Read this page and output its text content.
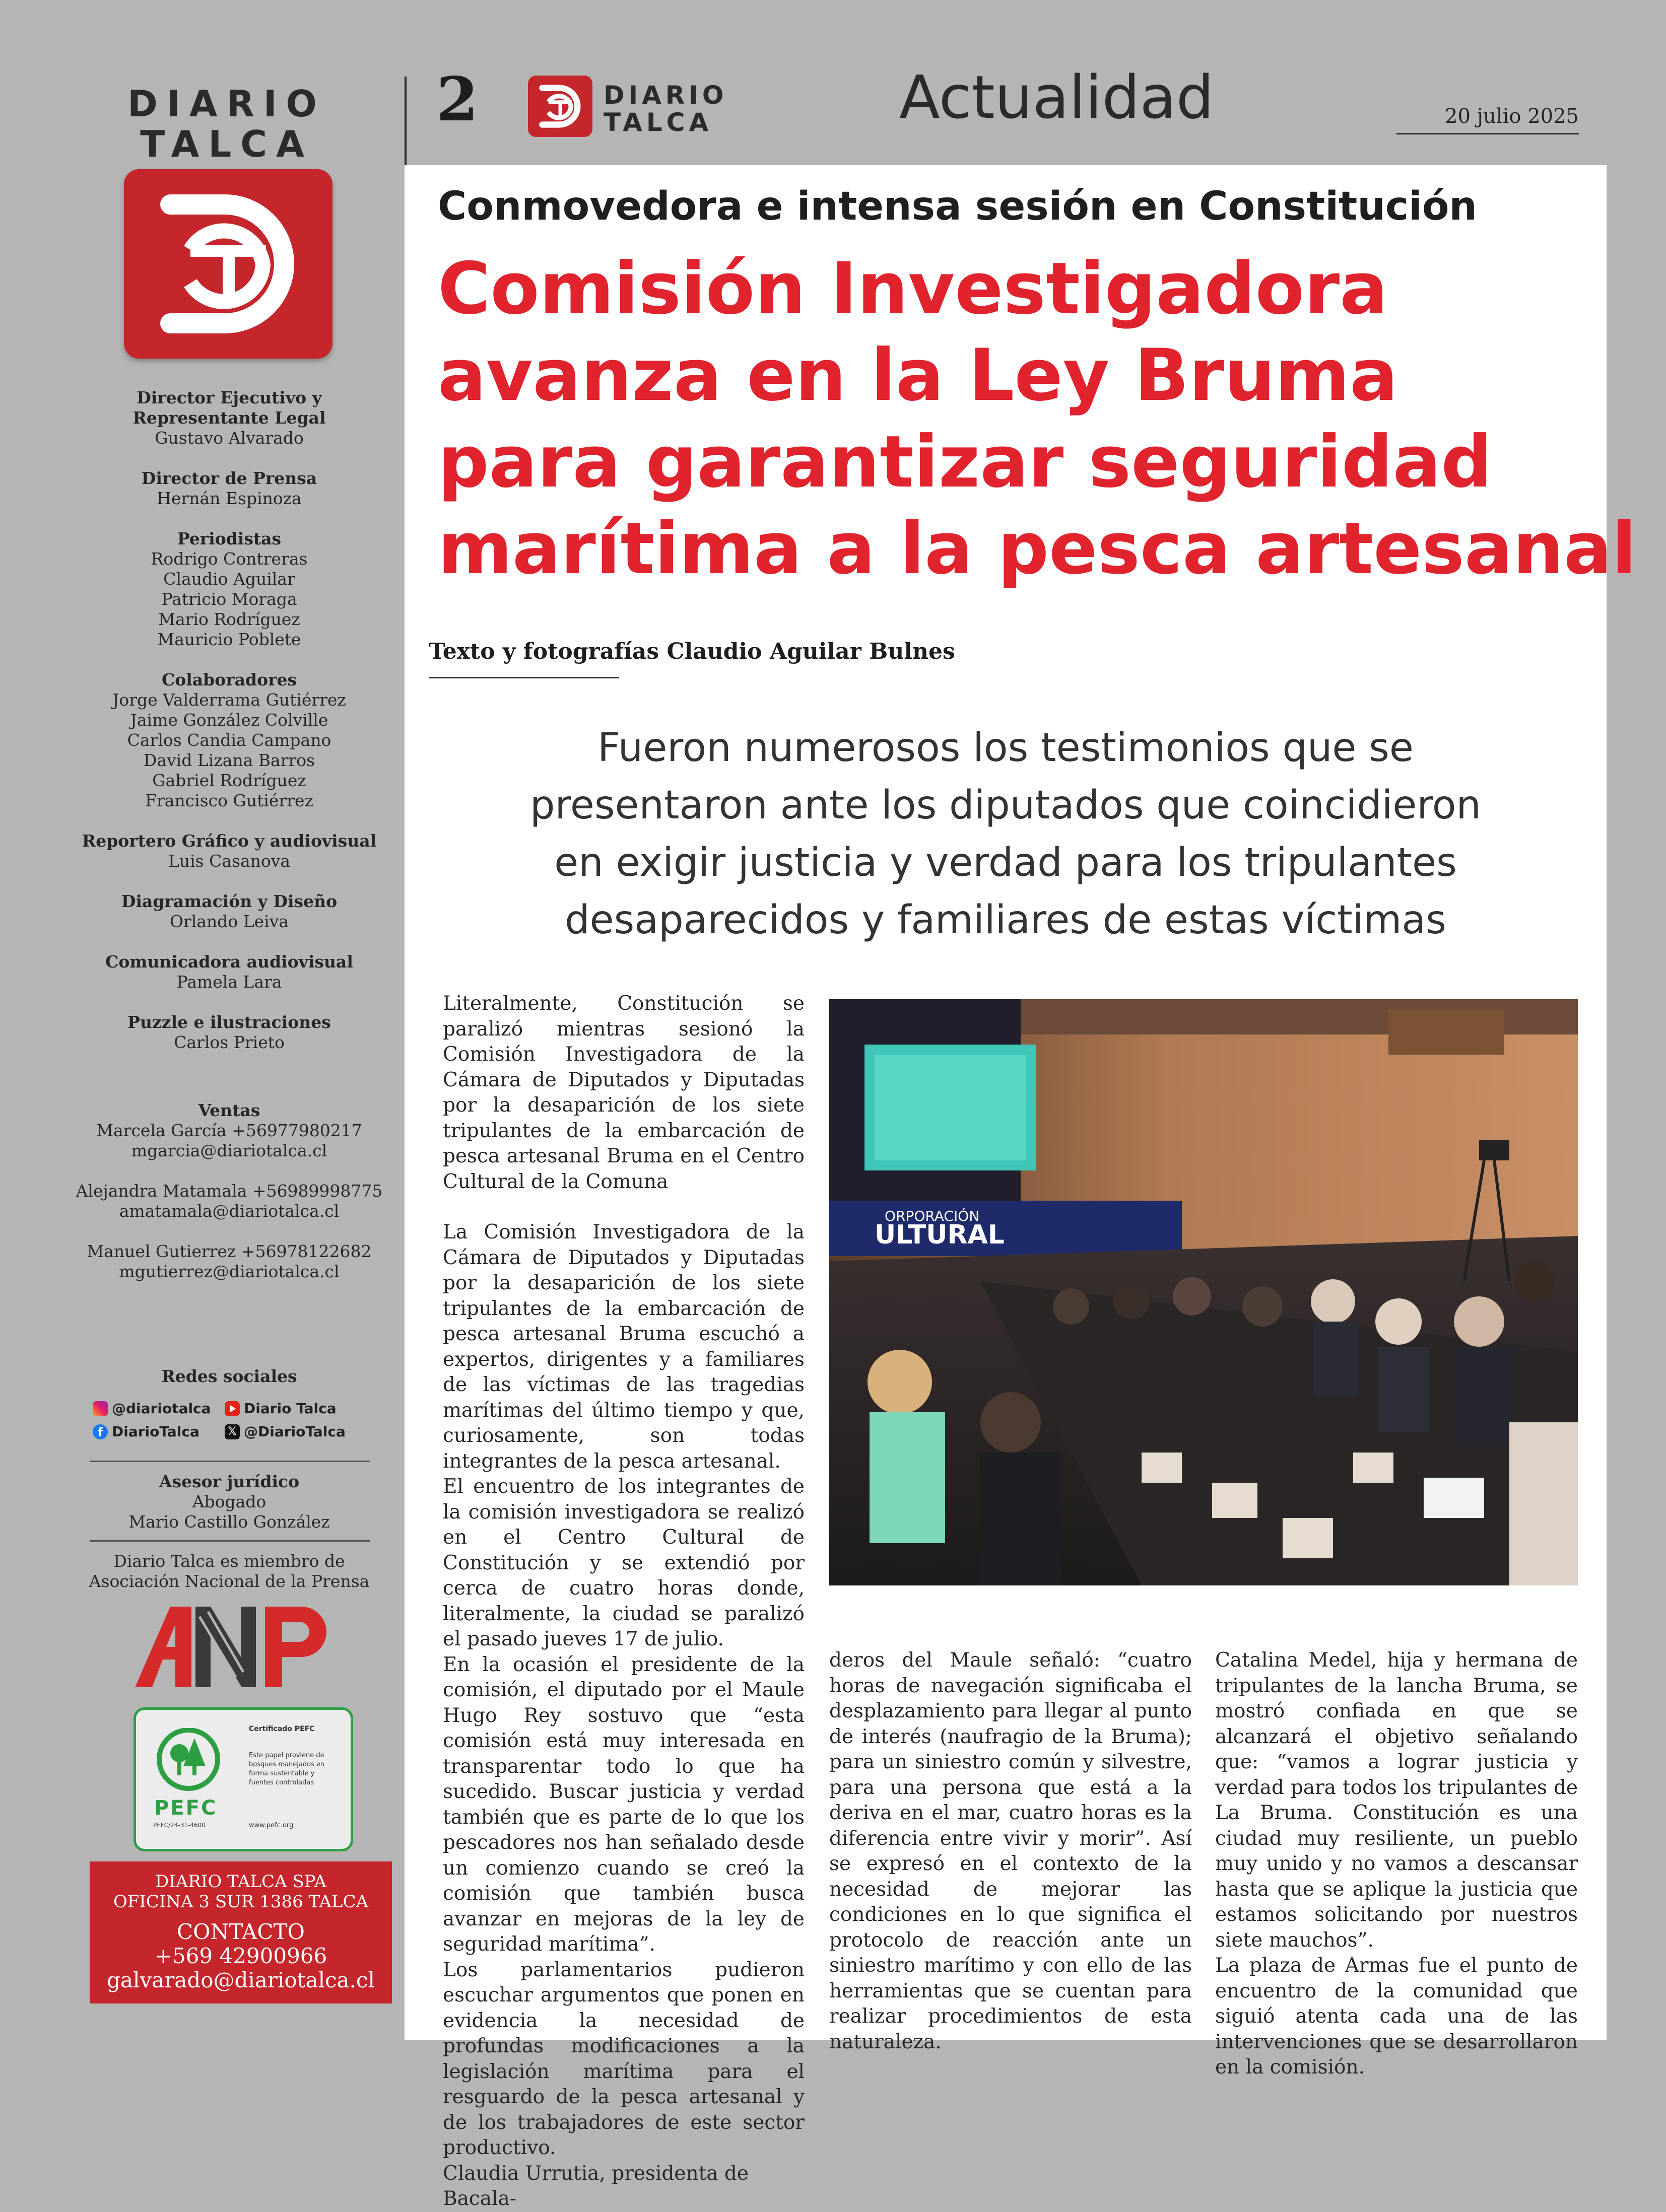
DIARIO
TALCA
Director Ejecutivo y
Representante Legal
Gustavo Alvarado
Director de Prensa
Hernán Espinoza
Periodistas
Rodrigo Contreras
Claudio Aguilar
Patricio Moraga
Mario Rodríguez
Mauricio Poblete
Colaboradores
Jorge Valderrama Gutiérrez
Jaime González Colville
Carlos Candia Campano
David Lizana Barros
Gabriel Rodríguez
Francisco Gutiérrez
Reportero Gráfico y audiovisual
Luis Casanova
Diagramación y Diseño
Orlando Leiva
Comunicadora audiovisual
Pamela Lara
Puzzle e ilustraciones
Carlos Prieto
Ventas
Marcela García +56977980217
mgarcia@diariotalca.cl
Alejandra Matamala +56989998775
amatamala@diariotalca.cl
Manuel Gutierrez +56978122682
mgutierrez@diariotalca.cl
Redes sociales
@diariotalca Diario Talca
f DiarioTalca	𝕏 @DiarioTalca
Asesor jurídico
Abogado
Mario Castillo González
Diario Talca es miembro de
Asociación Nacional de la Prensa
PEFC
PEFC/24-31-4600
Certificado PEFC
Este papel proviene de
bosques manejados en
forma sustentable y
fuentes controladas
www.pefc.org
DIARIO TALCA SPA
OFICINA 3 SUR 1386 TALCA
CONTACTO
+569 42900966
galvarado@diariotalca.cl
2	DIARIO
TALCA	Actualidad	20 julio 2025
Conmovedora e intensa sesión en Constitución
Comisión Investigadora
avanza en la Ley Bruma
para garantizar seguridad
marítima a la pesca artesanal
Texto y fotografías Claudio Aguilar Bulnes
Fueron numerosos los testimonios que se
presentaron ante los diputados que coincidieron
en exigir justicia y verdad para los tripulantes
desaparecidos y familiares de estas víctimas

Literalmente, Constitución se paralizó mientras sesionó la Comisión Investigadora de la Cámara de Diputados y Diputadas por la desaparición de los siete tripulantes de la embarcación de pesca artesanal Bruma en el Centro Cultural de la Comuna

La Comisión Investigadora de la Cámara de Diputados y Diputadas por la desaparición de los siete tripulantes de la embarcación de pesca artesanal Bruma escuchó a expertos, dirigentes y a familiares de las víctimas de las tragedias marítimas del último tiempo y que, curiosamente, son todas integrantes de la pesca artesanal.

El encuentro de los integrantes de la comisión investigadora se realizó en el Centro Cultural de Constitución y se extendió por cerca de cuatro horas donde, literalmente, la ciudad se paralizó el pasado jueves 17 de julio.

En la ocasión el presidente de la comisión, el diputado por el Maule Hugo Rey sostuvo que “esta comisión está muy interesada en transparentar todo lo que ha sucedido. Buscar justicia y verdad también que es parte de lo que los pescadores nos han señalado desde un comienzo cuando se creó la comisión que también busca avanzar en mejoras de la ley de seguridad marítima”.

Los parlamentarios pudieron escuchar argumentos que ponen en evidencia la necesidad de profundas modificaciones a la legislación marítima para el resguardo de la pesca artesanal y de los trabajadores de este sector productivo.

Claudia Urrutia, presidenta de Bacala-

ORPORACIÓN
ULTURAL

deros del Maule señaló: “cuatro horas de navegación significaba el desplazamiento para llegar al punto de interés (naufragio de la Bruma); para un siniestro común y silvestre, para una persona que está a la deriva en el mar, cuatro horas es la diferencia entre vivir y morir”. Así se expresó en el contexto de la necesidad de mejorar las condiciones en lo que significa el protocolo de reacción ante un siniestro marítimo y con ello de las herramientas que se cuentan para realizar procedimientos de esta naturaleza.

Catalina Medel, hija y hermana de tripulantes de la lancha Bruma, se mostró confiada en que se alcanzará el objetivo señalando que: “vamos a lograr justicia y verdad para todos los tripulantes de La Bruma. Constitución es una ciudad muy resiliente, un pueblo muy unido y no vamos a descansar hasta que se aplique la justicia que estamos solicitando por nuestros siete mauchos”.

La plaza de Armas fue el punto de encuentro de la comunidad que siguió atenta cada una de las intervenciones que se desarrollaron en la comisión.
